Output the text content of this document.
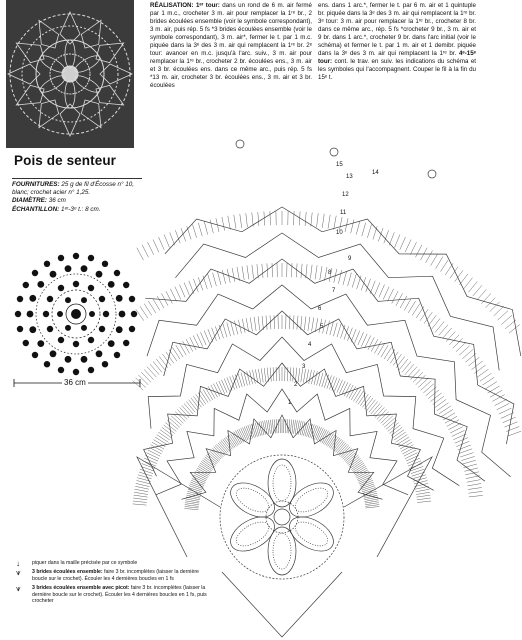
Pois de senteur
FOURNITURES: 25 g de fil d'Écosse n° 10, blanc; crochet acier n° 1,25.
DIAMÈTRE: 36 cm
ÉCHANTILLON: 1ᵉʳ-3ᵉ t.: 8 cm.
36 cm
RÉALISATION: 1ᵉʳ tour: dans un rond de 6 m. air fermé par 1 m.c., crocheter 3 m. air pour remplacer la 1ʳᵉ br., 2 brides écoulées ensemble (voir le symbole correspondant), 3 m. air, puis rép. 5 fs *3 brides écoulées ensemble (voir le symbole correspondant), 3 m. air*, fermer le t. par 1 m.c. piquée dans la 3ᵉ des 3 m. air qui remplacent la 1ʳᵉ br. 2ᵉ tour: avancer en m.c. jusqu'à l'arc. suiv., 3 m. air pour remplacer la 1ʳᵉ br., crocheter 2 br. écoulées ens., 3 m. air et 3 br. écoulées ens. dans ce même arc., puis rép. 5 fs *13 m. air, crocheter 3 br. écoulées ens., 3 m. air et 3 br. écoulées
ens. dans 1 arc.*, fermer le t. par 6 m. air et 1 quintuple br. piquée dans la 3ᵉ des 3 m. air qui remplacent la 1ʳᵉ br. 3ᵉ tour: 3 m. air pour remplacer la 1ʳᵉ br., crocheter 8 br. dans ce même arc., rép. 5 fs *crocheter 9 br., 3 m. air et 9 br. dans 1 arc.*, crocheter 9 br. dans l'arc initial (voir le schéma) et fermer le t. par 1 m. air et 1 demibr. piquée dans la 3ᵉ des 3 m. air qui remplacent la 1ʳᵉ br. 4ᵉ-15ᵉ tour: cont. le trav. en suiv. les indications du schéma et les symboles qui l'accompagnent. Couper le fil à la fin du 15ᵉ t.
15
13
14
12
11
10
9
8
7
6
5
4
3
2
1
↓ piquer dans la maille précisée par ce symbole
⩛ 3 brides écoulées ensemble: faire 3 br. incomplètes (laisser la dernière boucle sur le crochet). Écouler les 4 dernières boucles en 1 fs
⩛ 3 brides écoulées ensemble avec picot: faire 3 br. incomplètes (laisser la dernière boucle sur le crochet). Écouler les 4 dernières boucles en 1 fs, puis crocheter
